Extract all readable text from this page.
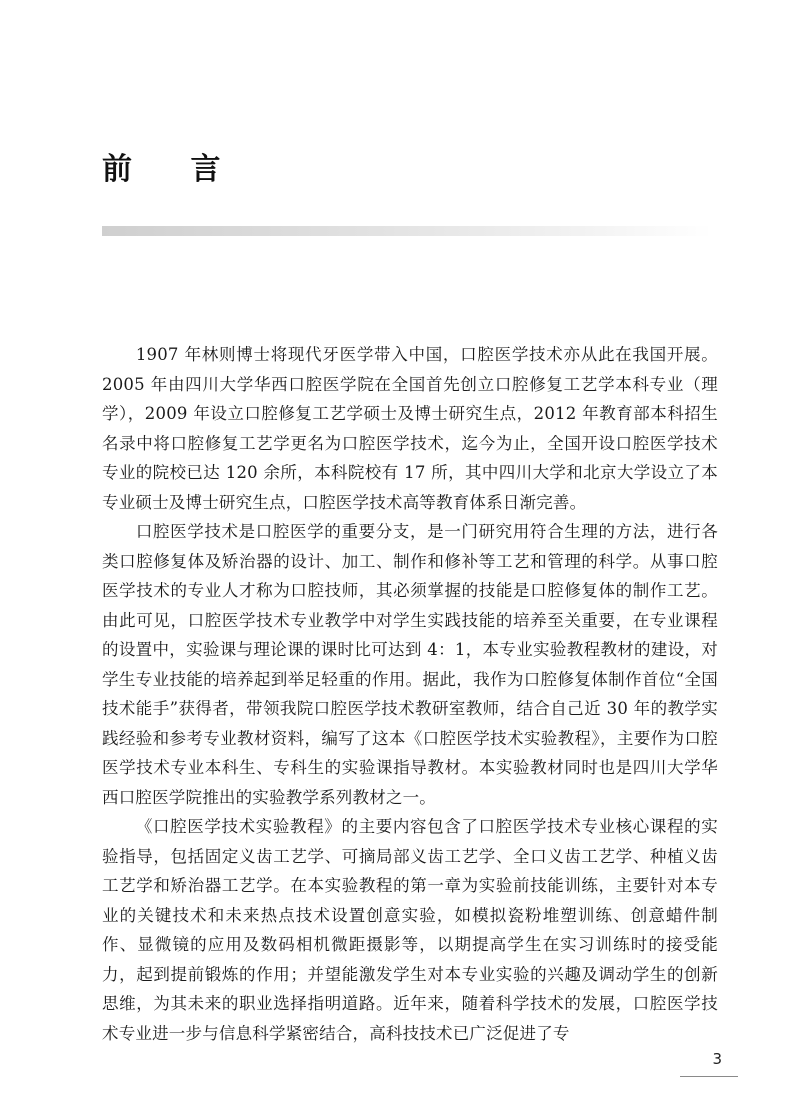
前 言

1907 年林则博士将现代牙医学带入中国，口腔医学技术亦从此在我国开展。2005 年由四川大学华西口腔医学院在全国首先创立口腔修复工艺学本科专业（理学），2009 年设立口腔修复工艺学硕士及博士研究生点，2012 年教育部本科招生名录中将口腔修复工艺学更名为口腔医学技术，迄今为止，全国开设口腔医学技术专业的院校已达 120 余所，本科院校有 17 所，其中四川大学和北京大学设立了本专业硕士及博士研究生点，口腔医学技术高等教育体系日渐完善。

口腔医学技术是口腔医学的重要分支，是一门研究用符合生理的方法，进行各类口腔修复体及矫治器的设计、加工、制作和修补等工艺和管理的科学。从事口腔医学技术的专业人才称为口腔技师，其必须掌握的技能是口腔修复体的制作工艺。由此可见，口腔医学技术专业教学中对学生实践技能的培养至关重要，在专业课程的设置中，实验课与理论课的课时比可达到 4：1，本专业实验教程教材的建设，对学生专业技能的培养起到举足轻重的作用。据此，我作为口腔修复体制作首位“全国技术能手”获得者，带领我院口腔医学技术教研室教师，结合自己近 30 年的教学实践经验和参考专业教材资料，编写了这本《口腔医学技术实验教程》，主要作为口腔医学技术专业本科生、专科生的实验课指导教材。本实验教材同时也是四川大学华西口腔医学院推出的实验教学系列教材之一。

《口腔医学技术实验教程》的主要内容包含了口腔医学技术专业核心课程的实验指导，包括固定义齿工艺学、可摘局部义齿工艺学、全口义齿工艺学、种植义齿工艺学和矫治器工艺学。在本实验教程的第一章为实验前技能训练，主要针对本专业的关键技术和未来热点技术设置创意实验，如模拟瓷粉堆塑训练、创意蜡件制作、显微镜的应用及数码相机微距摄影等，以期提高学生在实习训练时的接受能力，起到提前锻炼的作用；并望能激发学生对本专业实验的兴趣及调动学生的创新思维，为其未来的职业选择指明道路。近年来，随着科学技术的发展，口腔医学技术专业进一步与信息科学紧密结合，高科技技术已广泛促进了专

3
